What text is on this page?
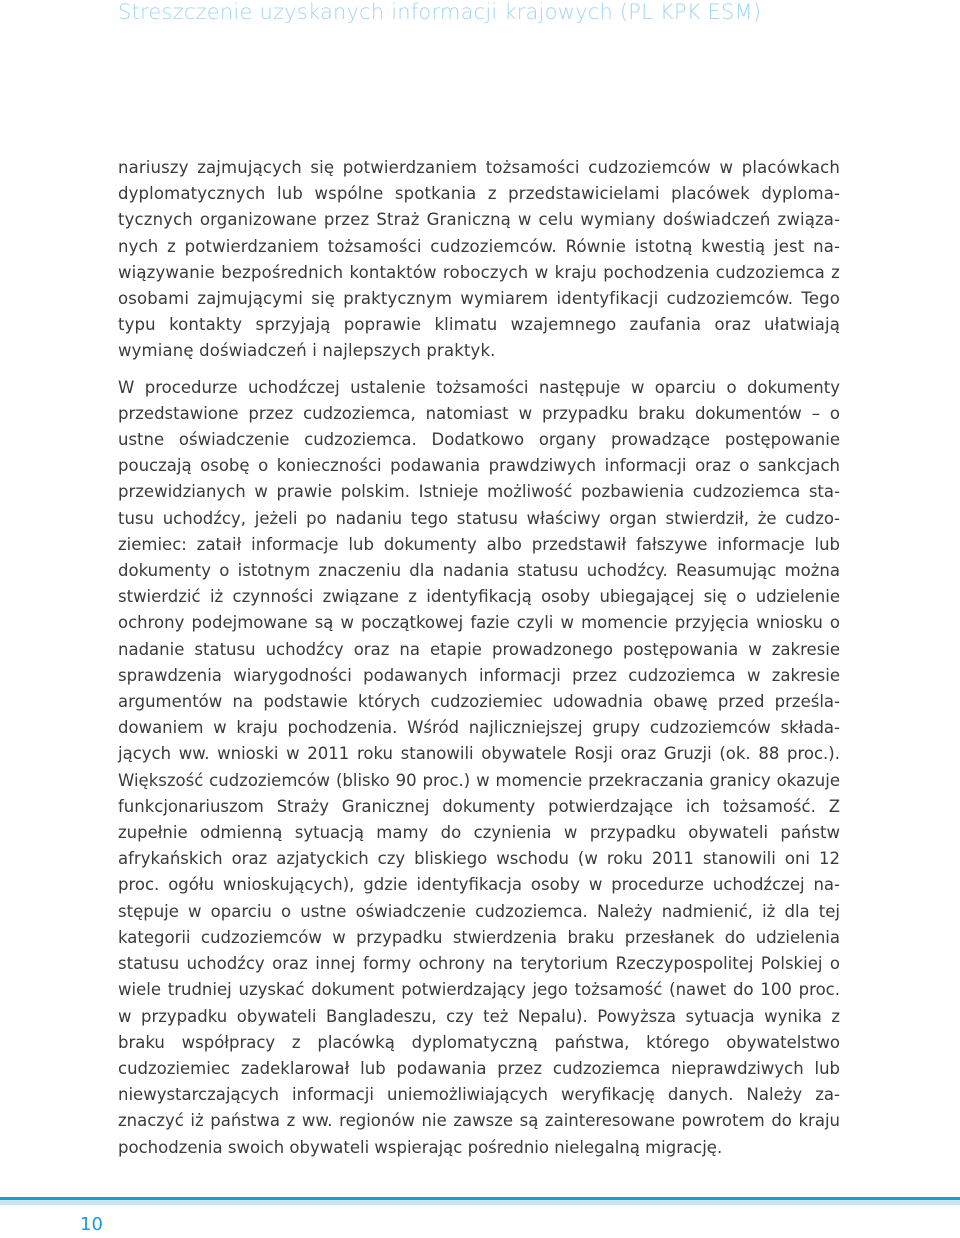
Streszczenie uzyskanych informacji krajowych (PL KPK ESM)

nariuszy zajmujących się potwierdzaniem tożsamości cudzoziemców w placówkach dyplomatycznych lub wspólne spotkania z przedstawicielami placówek dyplomatycznych organizowane przez Straż Graniczną w celu wymiany doświadczeń związanych z potwierdzaniem tożsamości cudzoziemców. Równie istotną kwestią jest nawiązywanie bezpośrednich kontaktów roboczych w kraju pochodzenia cudzoziemca z osobami zajmującymi się praktycznym wymiarem identyfikacji cudzoziemców. Tego typu kontakty sprzyjają poprawie klimatu wzajemnego zaufania oraz ułatwiają wymianę doświadczeń i najlepszych praktyk.

W procedurze uchodźczej ustalenie tożsamości następuje w oparciu o dokumenty przedstawione przez cudzoziemca, natomiast w przypadku braku dokumentów – o ustne oświadczenie cudzoziemca. Dodatkowo organy prowadzące postępowanie pouczają osobę o konieczności podawania prawdziwych informacji oraz o sankcjach przewidzianych w prawie polskim. Istnieje możliwość pozbawienia cudzoziemca statusu uchodźcy, jeżeli po nadaniu tego statusu właściwy organ stwierdził, że cudzoziemiec: zataił informacje lub dokumenty albo przedstawił fałszywe informacje lub dokumenty o istotnym znaczeniu dla nadania statusu uchodźcy. Reasumując można stwierdzić iż czynności związane z identyfikacją osoby ubiegającej się o udzielenie ochrony podejmowane są w początkowej fazie czyli w momencie przyjęcia wniosku o nadanie statusu uchodźcy oraz na etapie prowadzonego postępowania w zakresie sprawdzenia wiarygodności podawanych informacji przez cudzoziemca w zakresie argumentów na podstawie których cudzoziemiec udowadnia obawę przed prześladowaniem w kraju pochodzenia. Wśród najliczniejszej grupy cudzoziemców składających ww. wnioski w 2011 roku stanowili obywatele Rosji oraz Gruzji (ok. 88 proc.). Większość cudzoziemców (blisko 90 proc.) w momencie przekraczania granicy okazuje funkcjonariuszom Straży Granicznej dokumenty potwierdzające ich tożsamość. Z zupełnie odmienną sytuacją mamy do czynienia w przypadku obywateli państw afrykańskich oraz azjatyckich czy bliskiego wschodu (w roku 2011 stanowili oni 12 proc. ogółu wnioskujących), gdzie identyfikacja osoby w procedurze uchodźczej następuje w oparciu o ustne oświadczenie cudzoziemca. Należy nadmienić, iż dla tej kategorii cudzoziemców w przypadku stwierdzenia braku przesłanek do udzielenia statusu uchodźcy oraz innej formy ochrony na terytorium Rzeczypospolitej Polskiej o wiele trudniej uzyskać dokument potwierdzający jego tożsamość (nawet do 100 proc. w przypadku obywateli Bangladeszu, czy też Nepalu). Powyższa sytuacja wynika z braku współpracy z placówką dyplomatyczną państwa, którego obywatelstwo cudzoziemiec zadeklarował lub podawania przez cudzoziemca nieprawdziwych lub niewystarczających informacji uniemożliwiających weryfikację danych. Należy zaznaczyć iż państwa z ww. regionów nie zawsze są zainteresowane powrotem do kraju pochodzenia swoich obywateli wspierając pośrednio nielegalną migrację.

10
